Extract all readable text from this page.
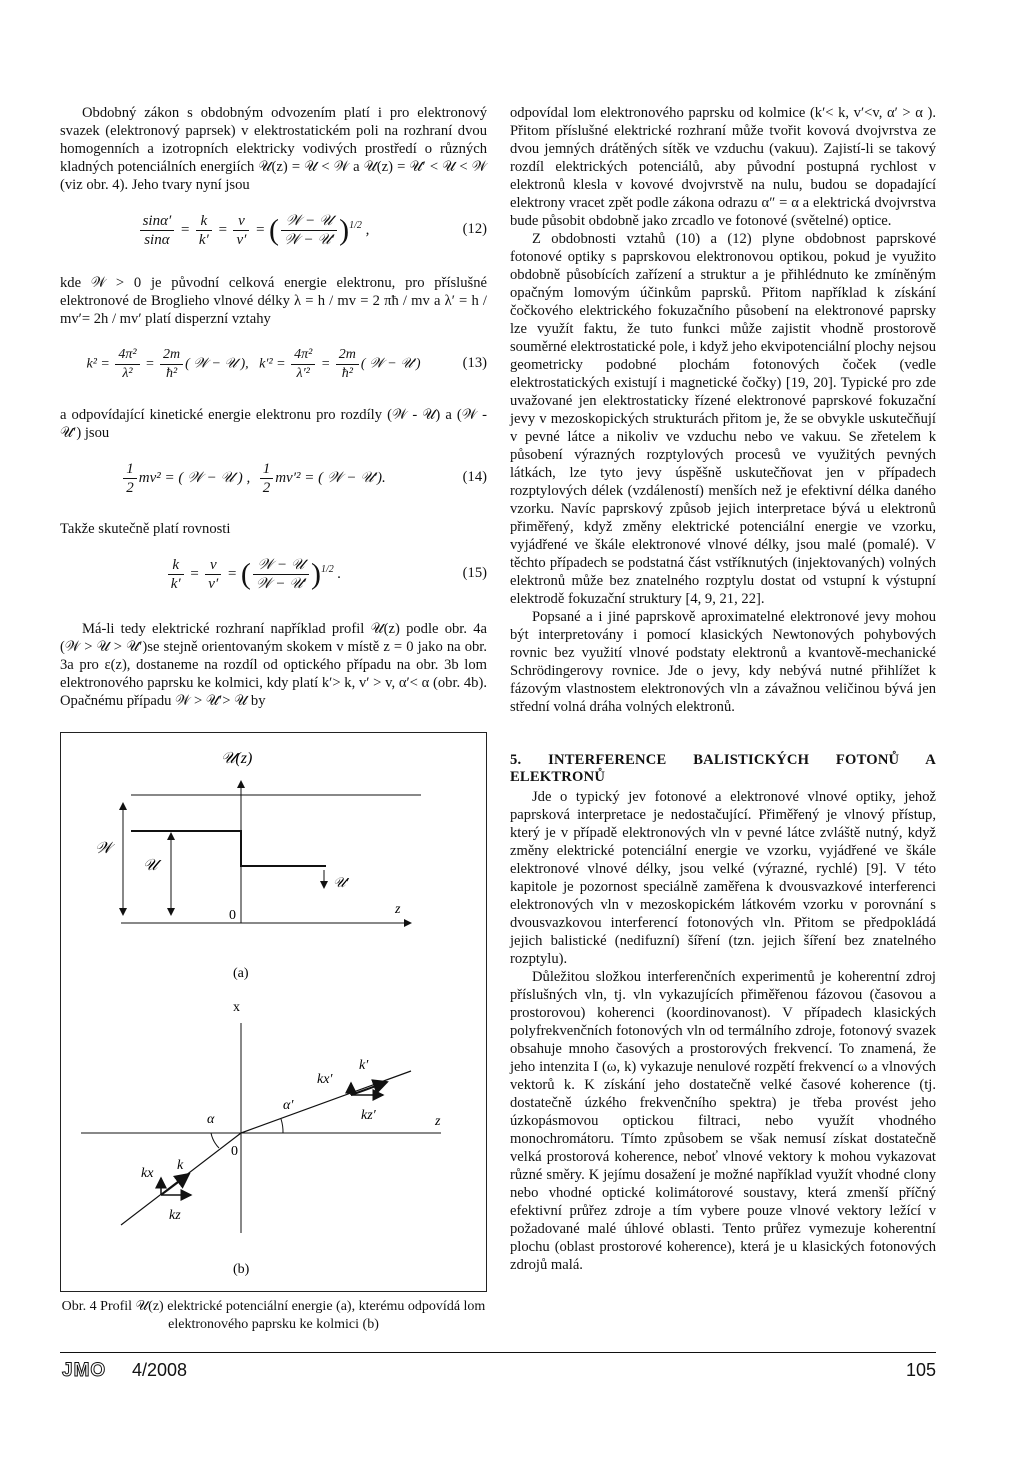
Obdobný zákon s obdobným odvozením platí i pro elektronový svazek (elektronový paprsek) v elektrostatickém poli na rozhraní dvou homogenních a izotropních elektricky vodivých prostředí o různých kladných potenciálních energiích 𝒰(z) = 𝒰 < 𝒲 a 𝒰(z) = 𝒰′ < 𝒰 < 𝒲 (viz obr. 4). Jeho tvary nyní jsou

$\frac{\sin\alpha'}{\sin\alpha} = \frac{k}{k'} = \frac{v}{v'}$ = ( $\frac{\text{𝒲 − 𝒰}}{\text{𝒲 − 𝒰′}} )^{1/2}$ ,	(12)

kde 𝒲 > 0 je původní celková energie elektronu, pro příslušné elektronové de Broglieho vlnové délky λ = h / mv = 2 πħ / mv a λ′ = h / mv′= 2h / mv′ platí disperzní vztahy

$k^2 = \frac{\text{4π²}}{\text{λ²}} = \frac{2m}{\text{ħ²}}$ ( 𝒲 − 𝒰 ),   $k'^2 = \frac{\text{4π²}}{\text{λ′²}} = \frac{2m}{\text{ħ²}}$ ( 𝒲 − 𝒰′)	(13)

a odpovídající kinetické energie elektronu pro rozdíly (𝒲 - 𝒰) a (𝒲 - 𝒰′) jsou

$\frac{1}{2} mv^2$ = ( 𝒲 − 𝒰 ) , $\frac{1}{2} mv'^2$ = ( 𝒲 − 𝒰′).	(14)

Takže skutečně platí rovnosti

$\frac{k}{k'} = \frac{v}{v'}$ = ( $\frac{\text{𝒲 − 𝒰}}{\text{𝒲 − 𝒰′}} )^{1/2}$ .	(15)

Má-li tedy elektrické rozhraní například profil 𝒰(z) podle obr. 4a (𝒲 > 𝒰 > 𝒰′)se stejně orientovaným skokem v místě z = 0 jako na obr. 3a pro ε(z), dostaneme na rozdíl od optického případu na obr. 3b lom elektronového paprsku ke kolmici, kdy platí k′> k, v′ > v, α′< α (obr. 4b). Opačnému případu 𝒲 > 𝒰′> 𝒰 by

𝒰(z)
𝒲
𝒰
𝒰′
0	z
(a)
x
z
0
α
α′
k
kx
kz
k′
kx′
kz′
(b)
Obr. 4 Profil 𝒰(z) elektrické potenciální energie (a), kterému odpovídá lom elektronového paprsku ke kolmici (b)

odpovídal lom elektronového paprsku od kolmice (k′< k, v′<v, α′ > α ). Přitom příslušné elektrické rozhraní může tvořit kovová dvojvrstva ze dvou jemných drátěných sítěk ve vzduchu (vakuu). Zajistí-li se takový rozdíl elektrických potenciálů, aby původní postupná rychlost v elektronů klesla v kovové dvojvrstvě na nulu, budou se dopadající elektrony vracet zpět podle zákona odrazu α″ = α a elektrická dvojvrstva bude působit obdobně jako zrcadlo ve fotonové (světelné) optice.

Z obdobnosti vztahů (10) a (12) plyne obdobnost paprskové fotonové optiky s paprskovou elektronovou optikou, pokud je využito obdobně působících zařízení a struktur a je přihlédnuto ke zmíněným opačným lomovým účinkům paprsků. Přitom například k získání čočkového elektrického fokuzačního působení na elektronové paprsky lze využít faktu, že tuto funkci může zajistit vhodně prostorově souměrné elektrostatické pole, i když jeho ekvipotenciální plochy nejsou geometricky podobné plochám fotonových čoček (vedle elektrostatických existují i magnetické čočky) [19, 20]. Typické pro zde uvažované jen elektrostaticky řízené elektronové paprskové fokuzační jevy v mezoskopických strukturách přitom je, že se obvykle uskutečňují v pevné látce a nikoliv ve vzduchu nebo ve vakuu. Se zřetelem k působení výrazných rozptylových procesů ve využitých pevných látkách, lze tyto jevy úspěšně uskutečňovat jen v případech rozptylových délek (vzdáleností) menších než je efektivní délka daného vzorku. Navíc paprskový způsob jejich interpretace bývá u elektronů přiměřený, když změny elektrické potenciální energie ve vzorku, vyjádřené ve škále elektronové vlnové délky, jsou malé (pomalé). V těchto případech se podstatná část vstříknutých (injektovaných) volných elektronů může bez znatelného rozptylu dostat od vstupní k výstupní elektrodě fokuzační struktury [4, 9, 21, 22].

Popsané a i jiné paprskově aproximatelné elektronové jevy mohou být interpretovány i pomocí klasických Newtonových pohybových rovnic bez využití vlnové podstaty elektronů a kvantově-mechanické Schrödingerovy rovnice. Jde o jevy, kdy nebývá nutné přihlížet k fázovým vlastnostem elektronových vln a závažnou veličinou bývá jen střední volná dráha volných elektronů.

5. INTERFERENCE BALISTICKÝCH FOTONŮ A ELEKTRONŮ

Jde o typický jev fotonové a elektronové vlnové optiky, jehož paprsková interpretace je nedostačující. Přiměřený je vlnový přístup, který je v případě elektronových vln v pevné látce zvláště nutný, když změny elektrické potenciální energie ve vzorku, vyjádřené ve škále elektronové vlnové délky, jsou velké (výrazné, rychlé) [9]. V této kapitole je pozornost speciálně zaměřena k dvousvazkové interferenci elektronových vln v mezoskopickém látkovém vzorku v porovnání s dvousvazkovou interferencí fotonových vln. Přitom se předpokládá jejich balistické (nedifuzní) šíření (tzn. jejich šíření bez znatelného rozptylu).

Důležitou složkou interferenčních experimentů je koherentní zdroj příslušných vln, tj. vln vykazujících přiměřenou fázovou (časovou a prostorovou) koherenci (koordinovanost). V případech klasických polyfrekvenčních fotonových vln od termálního zdroje, fotonový svazek obsahuje mnoho časových a prostorových frekvencí. To znamená, že jeho intenzita I (ω, k) vykazuje nenulové rozpětí frekvencí ω a vlnových vektorů k. K získání jeho dostatečně velké časové koherence (tj. dostatečně úzkého frekvenčního spektra) je třeba provést jeho úzkopásmovou optickou filtraci, nebo využít vhodného monochromátoru. Tímto způsobem se však nemusí získat dostatečně velká prostorová koherence, neboť vlnové vektory k mohou vykazovat různé směry. K jejímu dosažení je možné například využít vhodné clony nebo vhodné optické kolimátorové soustavy, která zmenší příčný efektivní průřez zdroje a tím vybere pouze vlnové vektory ležící v požadované malé úhlové oblasti. Tento průřez vymezuje koherentní plochu (oblast prostorové koherence), která je u klasických fotonových zdrojů malá.

JMO 4/2008	105
